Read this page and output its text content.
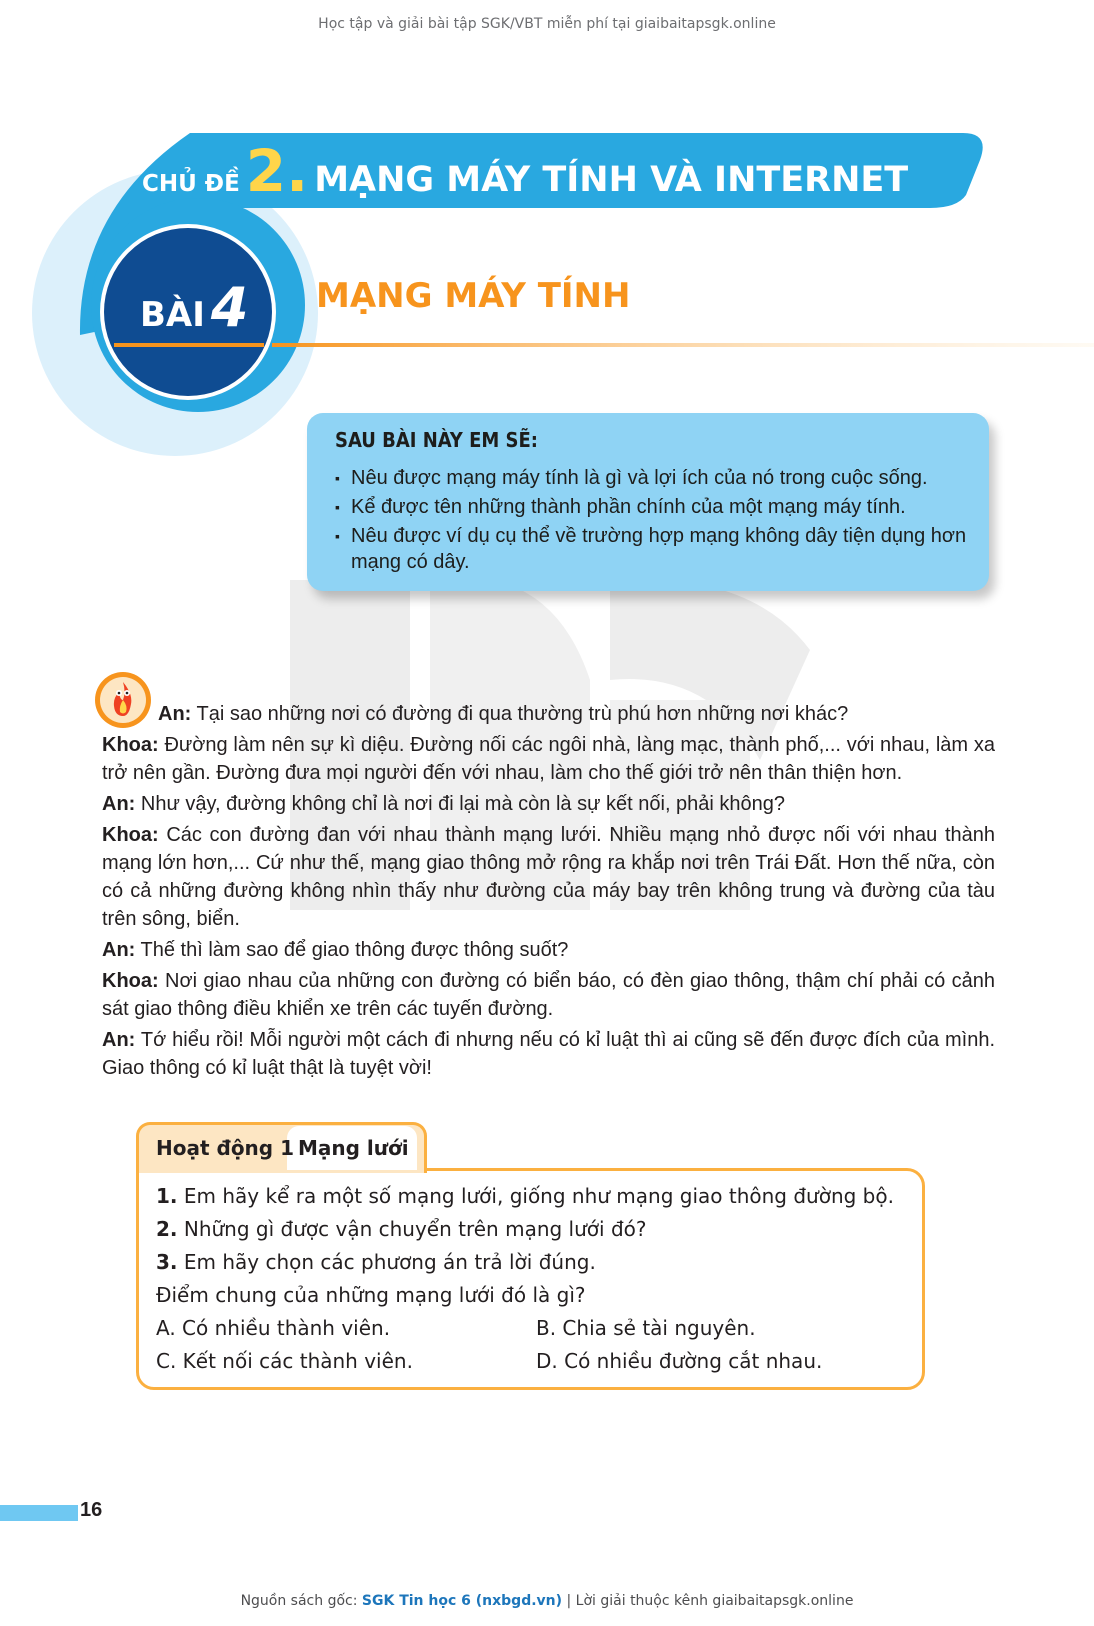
Học tập và giải bài tập SGK/VBT miễn phí tại giaibaitapsgk.online
CHỦ ĐỀ 2. MẠNG MÁY TÍNH VÀ INTERNET
BÀI 4 MẠNG MÁY TÍNH
SAU BÀI NÀY EM SẼ:
▪ Nêu được mạng máy tính là gì và lợi ích của nó trong cuộc sống.
▪ Kể được tên những thành phần chính của một mạng máy tính.
▪ Nêu được ví dụ cụ thể về trường hợp mạng không dây tiện dụng hơn mạng có dây.

An: Tại sao những nơi có đường đi qua thường trù phú hơn những nơi khác?

Khoa: Đường làm nên sự kì diệu. Đường nối các ngôi nhà, làng mạc, thành phố,... với nhau, làm xa trở nên gần. Đường đưa mọi người đến với nhau, làm cho thế giới trở nên thân thiện hơn.

An: Như vậy, đường không chỉ là nơi đi lại mà còn là sự kết nối, phải không?

Khoa: Các con đường đan với nhau thành mạng lưới. Nhiều mạng nhỏ được nối với nhau thành mạng lớn hơn,... Cứ như thế, mạng giao thông mở rộng ra khắp nơi trên Trái Đất. Hơn thế nữa, còn có cả những đường không nhìn thấy như đường của máy bay trên không trung và đường của tàu trên sông, biển.

An: Thế thì làm sao để giao thông được thông suốt?

Khoa: Nơi giao nhau của những con đường có biển báo, có đèn giao thông, thậm chí phải có cảnh sát giao thông điều khiển xe trên các tuyến đường.

An: Tớ hiểu rồi! Mỗi người một cách đi nhưng nếu có kỉ luật thì ai cũng sẽ đến được đích của mình. Giao thông có kỉ luật thật là tuyệt vời!

Hoạt động 1 Mạng lưới
1. Em hãy kể ra một số mạng lưới, giống như mạng giao thông đường bộ.
2. Những gì được vận chuyển trên mạng lưới đó?
3. Em hãy chọn các phương án trả lời đúng.
Điểm chung của những mạng lưới đó là gì?
A. Có nhiều thành viên.	B. Chia sẻ tài nguyên.
C. Kết nối các thành viên.	D. Có nhiều đường cắt nhau.
16
Nguồn sách gốc: SGK Tin học 6 (nxbgd.vn) | Lời giải thuộc kênh giaibaitapsgk.online
